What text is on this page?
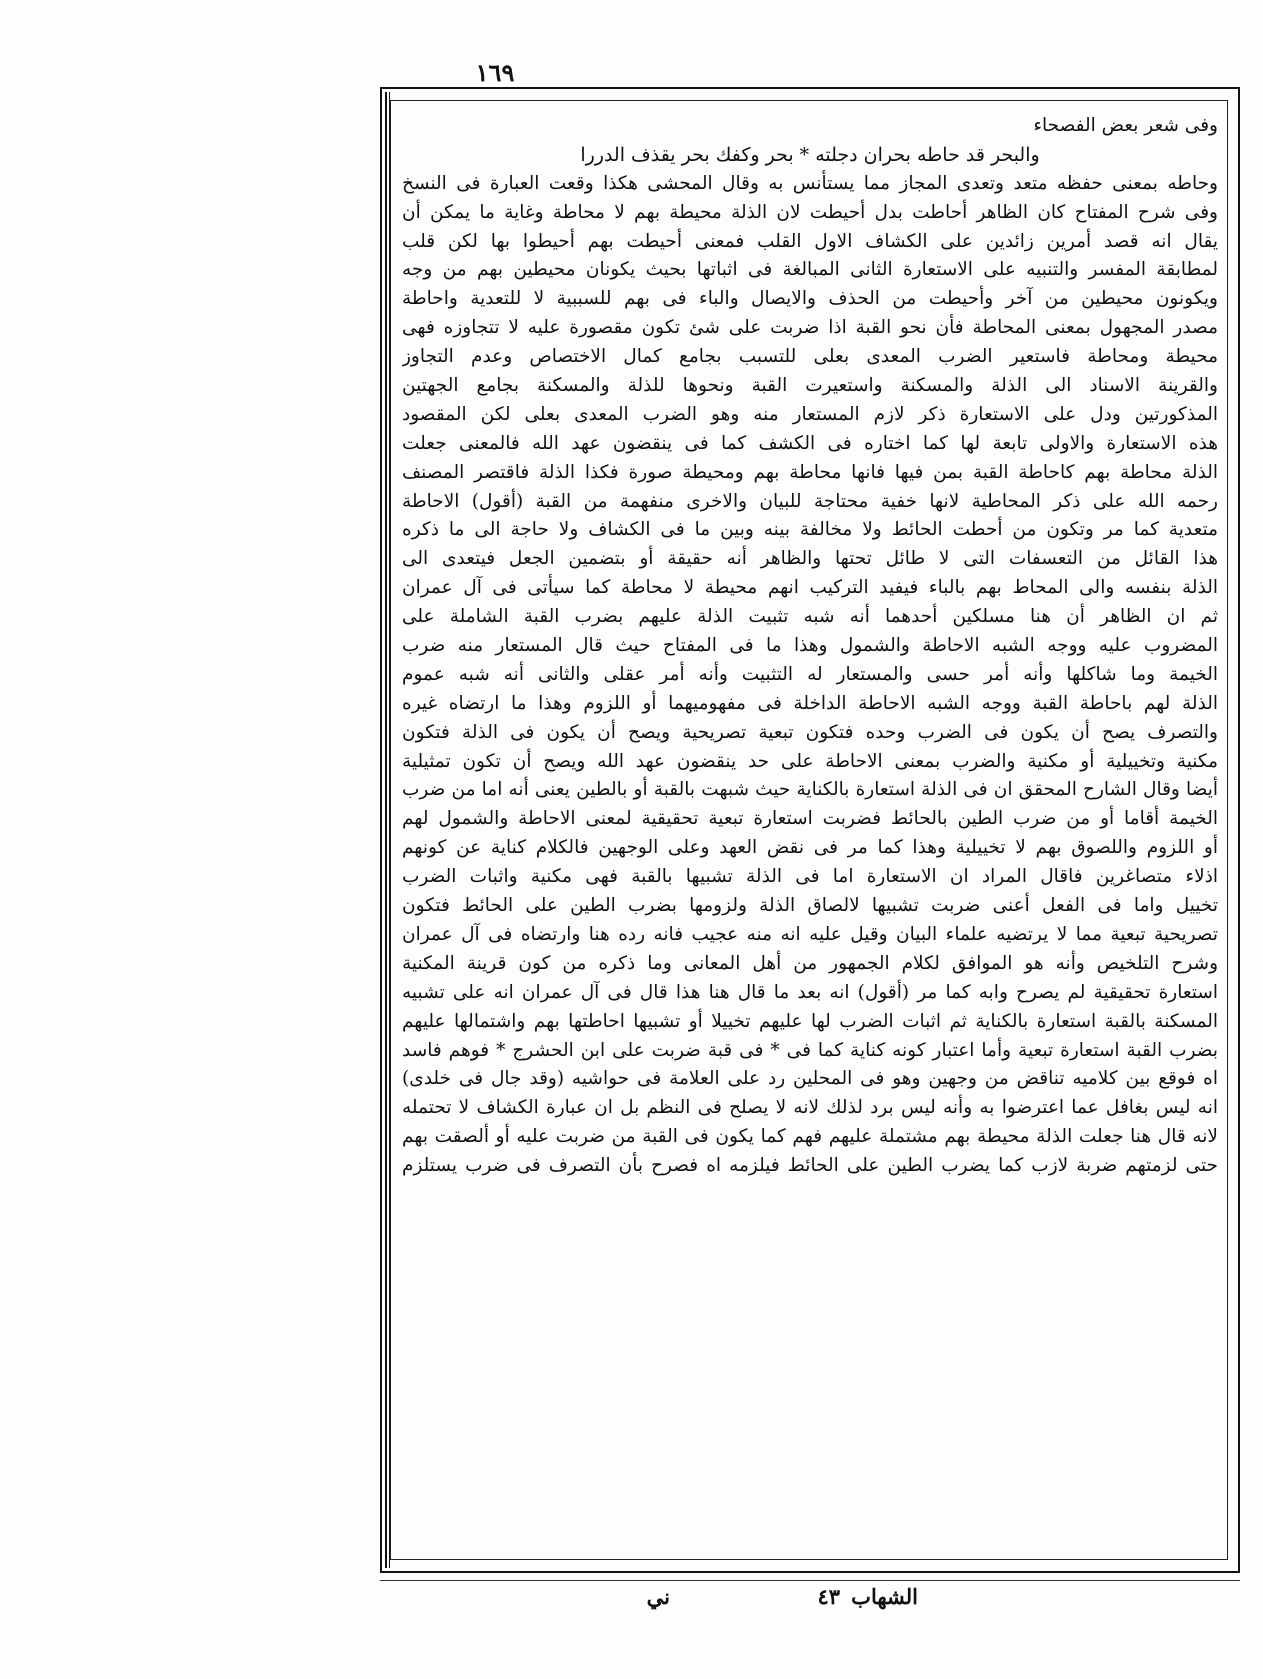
١٦٩
وفى شعر بعض الفصحاء
والبحر قد حاطه بحران دجلته * بحر وكفك بحر يقذف الدررا
وحاطه بمعنى حفظه متعد وتعدى المجاز مما يستأنس به وقال المحشى هكذا وقعت العبارة فى النسخ
وفى شرح المفتاح كان الظاهر أحاطت بدل أحيطت لان الذلة محيطة بهم لا محاطة وغاية ما يمكن أن
يقال انه قصد أمرين زائدين على الكشاف الاول القلب فمعنى أحيطت بهم أحيطوا بها لكن قلب
لمطابقة المفسر والتنبيه على الاستعارة الثانى المبالغة فى اثباتها بحيث يكونان محيطين بهم من وجه
ويكونون محيطين من آخر وأحيطت من الحذف والايصال والباء فى بهم للسببية لا للتعدية واحاطة
مصدر المجهول بمعنى المحاطة فأن نحو القبة اذا ضربت على شئ تكون مقصورة عليه لا تتجاوزه فهى
محيطة ومحاطة فاستعير الضرب المعدى بعلى للتسبب بجامع كمال الاختصاص وعدم التجاوز
والقرينة الاسناد الى الذلة والمسكنة واستعيرت القبة ونحوها للذلة والمسكنة بجامع الجهتين
المذكورتين ودل على الاستعارة ذكر لازم المستعار منه وهو الضرب المعدى بعلى لكن المقصود
هذه الاستعارة والاولى تابعة لها كما اختاره فى الكشف كما فى ينقضون عهد الله فالمعنى جعلت
الذلة محاطة بهم كاحاطة القبة بمن فيها فانها محاطة بهم ومحيطة صورة فكذا الذلة فاقتصر المصنف
رحمه الله على ذكر المحاطية لانها خفية محتاجة للبيان والاخرى منفهمة من القبة (أقول) الاحاطة
متعدية كما مر وتكون من أحطت الحائط ولا مخالفة بينه وبين ما فى الكشاف ولا حاجة الى ما ذكره
هذا القائل من التعسفات التى لا طائل تحتها والظاهر أنه حقيقة أو بتضمين الجعل فيتعدى الى
الذلة بنفسه والى المحاط بهم بالباء فيفيد التركيب انهم محيطة لا محاطة كما سيأتى فى آل عمران
ثم ان الظاهر أن هنا مسلكين أحدهما أنه شبه تثبيت الذلة عليهم بضرب القبة الشاملة على
المضروب عليه ووجه الشبه الاحاطة والشمول وهذا ما فى المفتاح حيث قال المستعار منه ضرب
الخيمة وما شاكلها وأنه أمر حسى والمستعار له التثبيت وأنه أمر عقلى والثانى أنه شبه عموم
الذلة لهم باحاطة القبة ووجه الشبه الاحاطة الداخلة فى مفهوميهما أو اللزوم وهذا ما ارتضاه غيره
والتصرف يصح أن يكون فى الضرب وحده فتكون تبعية تصريحية ويصح أن يكون فى الذلة فتكون
مكنية وتخييلية أو مكنية والضرب بمعنى الاحاطة على حد ينقضون عهد الله ويصح أن تكون تمثيلية
أيضا وقال الشارح المحقق ان فى الذلة استعارة بالكناية حيث شبهت بالقبة أو بالطين يعنى أنه اما من ضرب
الخيمة أقاما أو من ضرب الطين بالحائط فضربت استعارة تبعية تحقيقية لمعنى الاحاطة والشمول لهم
أو اللزوم واللصوق بهم لا تخييلية وهذا كما مر فى نقض العهد وعلى الوجهين فالكلام كناية عن كونهم
اذلاء متصاغرين فاقال المراد ان الاستعارة اما فى الذلة تشبيها بالقبة فهى مكنية واثبات الضرب
تخييل واما فى الفعل أعنى ضربت تشبيها لالصاق الذلة ولزومها بضرب الطين على الحائط فتكون
تصريحية تبعية مما لا يرتضيه علماء البيان وقيل عليه انه منه عجيب فانه رده هنا وارتضاه فى آل عمران
وشرح التلخيص وأنه هو الموافق لكلام الجمهور من أهل المعانى وما ذكره من كون قرينة المكنية
استعارة تحقيقية لم يصرح وابه كما مر (أقول) انه بعد ما قال هنا هذا قال فى آل عمران انه على تشبيه
المسكنة بالقبة استعارة بالكناية ثم اثبات الضرب لها عليهم تخييلا أو تشبيها احاطتها بهم واشتمالها عليهم
بضرب القبة استعارة تبعية وأما اعتبار كونه كناية كما فى * فى قبة ضربت على ابن الحشرج * فوهم فاسد
اه فوقع بين كلاميه تناقض من وجهين وهو فى المحلين رد على العلامة فى حواشيه (وقد جال فى خلدى)
انه ليس بغافل عما اعترضوا به وأنه ليس برد لذلك لانه لا يصلح فى النظم بل ان عبارة الكشاف لا تحتمله
لانه قال هنا جعلت الذلة محيطة بهم مشتملة عليهم فهم كما يكون فى القبة من ضربت عليه أو ألصقت بهم
حتى لزمتهم ضربة لازب كما يضرب الطين على الحائط فيلزمه اه فصرح بأن التصرف فى ضرب يستلزم
الشهاب
٤٣
ني
